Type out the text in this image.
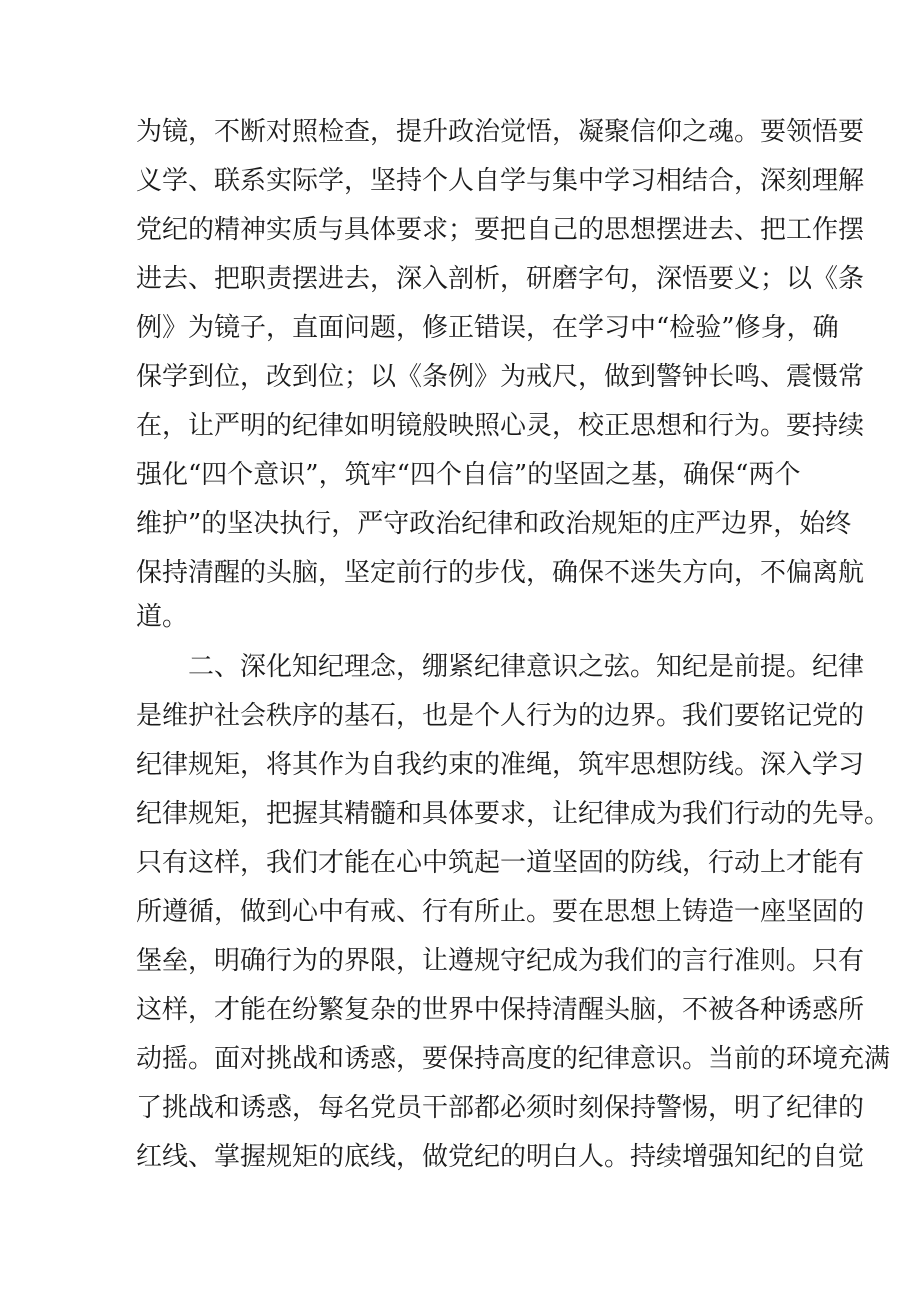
为镜，不断对照检查，提升政治觉悟，凝聚信仰之魂。要领悟要
义学、联系实际学，坚持个人自学与集中学习相结合，深刻理解
党纪的精神实质与具体要求；要把自己的思想摆进去、把工作摆
进去、把职责摆进去，深入剖析，研磨字句，深悟要义；以《条
例》为镜子，直面问题，修正错误，在学习中“检验”修身，确
保学到位，改到位；以《条例》为戒尺，做到警钟长鸣、震慑常
在，让严明的纪律如明镜般映照心灵，校正思想和行为。要持续
强化“四个意识”，筑牢“四个自信”的坚固之基，确保“两个
维护”的坚决执行，严守政治纪律和政治规矩的庄严边界，始终
保持清醒的头脑，坚定前行的步伐，确保不迷失方向，不偏离航
道。
二、深化知纪理念，绷紧纪律意识之弦。知纪是前提。纪律
是维护社会秩序的基石，也是个人行为的边界。我们要铭记党的
纪律规矩，将其作为自我约束的准绳，筑牢思想防线。深入学习
纪律规矩，把握其精髓和具体要求，让纪律成为我们行动的先导。
只有这样，我们才能在心中筑起一道坚固的防线，行动上才能有
所遵循，做到心中有戒、行有所止。要在思想上铸造一座坚固的
堡垒，明确行为的界限，让遵规守纪成为我们的言行准则。只有
这样，才能在纷繁复杂的世界中保持清醒头脑，不被各种诱惑所
动摇。面对挑战和诱惑，要保持高度的纪律意识。当前的环境充满
了挑战和诱惑，每名党员干部都必须时刻保持警惕，明了纪律的
红线、掌握规矩的底线，做党纪的明白人。持续增强知纪的自觉
